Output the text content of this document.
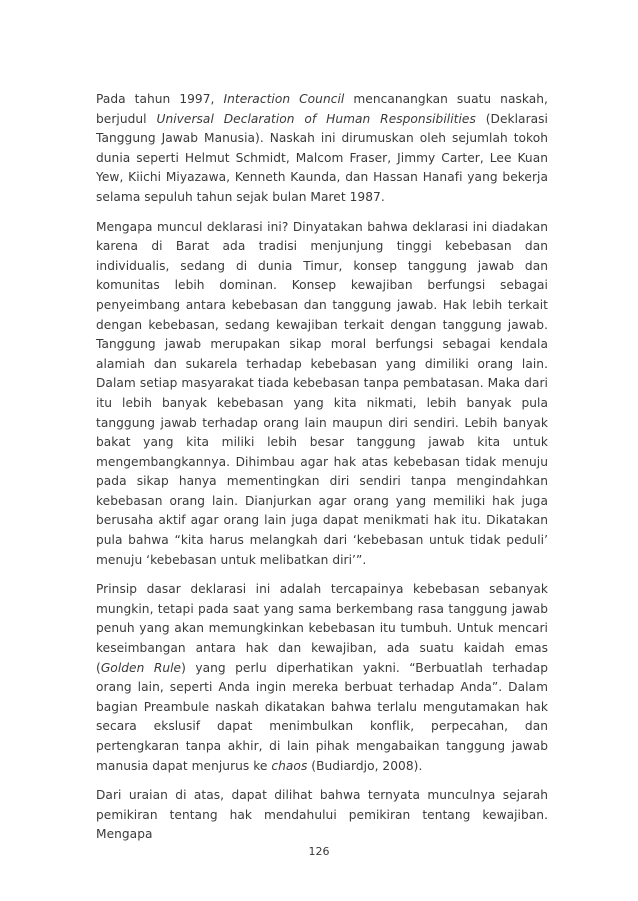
Pada tahun 1997, Interaction Council mencanangkan suatu naskah, berjudul Universal Declaration of Human Responsibilities (Deklarasi Tanggung Jawab Manusia). Naskah ini dirumuskan oleh sejumlah tokoh dunia seperti Helmut Schmidt, Malcom Fraser, Jimmy Carter, Lee Kuan Yew, Kiichi Miyazawa, Kenneth Kaunda, dan Hassan Hanafi yang bekerja selama sepuluh tahun sejak bulan Maret 1987.

Mengapa muncul deklarasi ini? Dinyatakan bahwa deklarasi ini diadakan karena di Barat ada tradisi menjunjung tinggi kebebasan dan individualis, sedang di dunia Timur, konsep tanggung jawab dan komunitas lebih dominan. Konsep kewajiban berfungsi sebagai penyeimbang antara kebebasan dan tanggung jawab. Hak lebih terkait dengan kebebasan, sedang kewajiban terkait dengan tanggung jawab. Tanggung jawab merupakan sikap moral berfungsi sebagai kendala alamiah dan sukarela terhadap kebebasan yang dimiliki orang lain. Dalam setiap masyarakat tiada kebebasan tanpa pembatasan. Maka dari itu lebih banyak kebebasan yang kita nikmati, lebih banyak pula tanggung jawab terhadap orang lain maupun diri sendiri. Lebih banyak bakat yang kita miliki lebih besar tanggung jawab kita untuk mengembangkannya. Dihimbau agar hak atas kebebasan tidak menuju pada sikap hanya mementingkan diri sendiri tanpa mengindahkan kebebasan orang lain. Dianjurkan agar orang yang memiliki hak juga berusaha aktif agar orang lain juga dapat menikmati hak itu. Dikatakan pula bahwa “kita harus melangkah dari ‘kebebasan untuk tidak peduli’ menuju ‘kebebasan untuk melibatkan diri’”.

Prinsip dasar deklarasi ini adalah tercapainya kebebasan sebanyak mungkin, tetapi pada saat yang sama berkembang rasa tanggung jawab penuh yang akan memungkinkan kebebasan itu tumbuh. Untuk mencari keseimbangan antara hak dan kewajiban, ada suatu kaidah emas (Golden Rule) yang perlu diperhatikan yakni. “Berbuatlah terhadap orang lain, seperti Anda ingin mereka berbuat terhadap Anda”. Dalam bagian Preambule naskah dikatakan bahwa terlalu mengutamakan hak secara ekslusif dapat menimbulkan konflik, perpecahan, dan pertengkaran tanpa akhir, di lain pihak mengabaikan tanggung jawab manusia dapat menjurus ke chaos (Budiardjo, 2008).

Dari uraian di atas, dapat dilihat bahwa ternyata munculnya sejarah pemikiran tentang hak mendahului pemikiran tentang kewajiban. Mengapa

126
